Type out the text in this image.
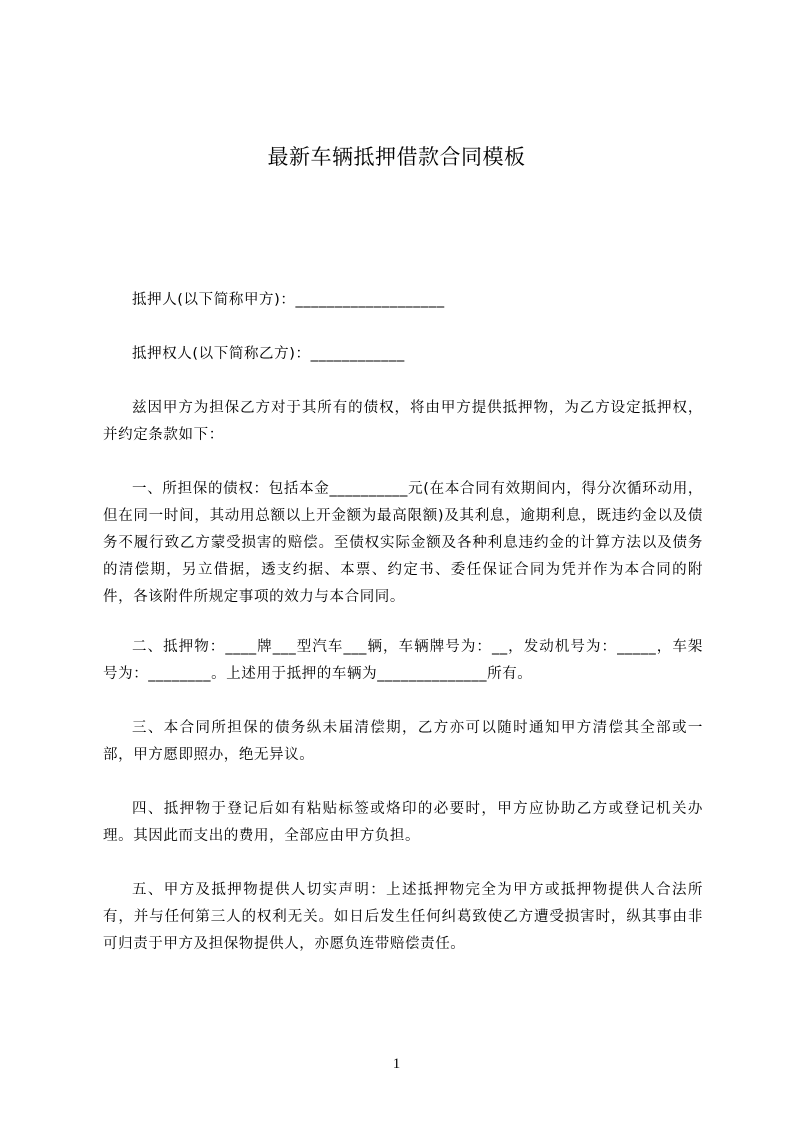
最新车辆抵押借款合同模板
抵押人(以下简称甲方)：___________________
抵押权人(以下简称乙方)：____________
兹因甲方为担保乙方对于其所有的债权，将由甲方提供抵押物，为乙方设定抵押权，并约定条款如下：
一、所担保的债权：包括本金__________元(在本合同有效期间内，得分次循环动用，但在同一时间，其动用总额以上开金额为最高限额)及其利息，逾期利息，既违约金以及债务不履行致乙方蒙受损害的赔偿。至债权实际金额及各种利息违约金的计算方法以及债务的清偿期，另立借据，透支约据、本票、约定书、委任保证合同为凭并作为本合同的附件，各该附件所规定事项的效力与本合同同。
二、抵押物：____牌___型汽车___辆，车辆牌号为：__，发动机号为：_____，车架号为：________。上述用于抵押的车辆为______________所有。
三、本合同所担保的债务纵未届清偿期，乙方亦可以随时通知甲方清偿其全部或一部，甲方愿即照办，绝无异议。
四、抵押物于登记后如有粘贴标签或烙印的必要时，甲方应协助乙方或登记机关办理。其因此而支出的费用，全部应由甲方负担。
五、甲方及抵押物提供人切实声明：上述抵押物完全为甲方或抵押物提供人合法所有，并与任何第三人的权利无关。如日后发生任何纠葛致使乙方遭受损害时，纵其事由非可归责于甲方及担保物提供人，亦愿负连带赔偿责任。
1
